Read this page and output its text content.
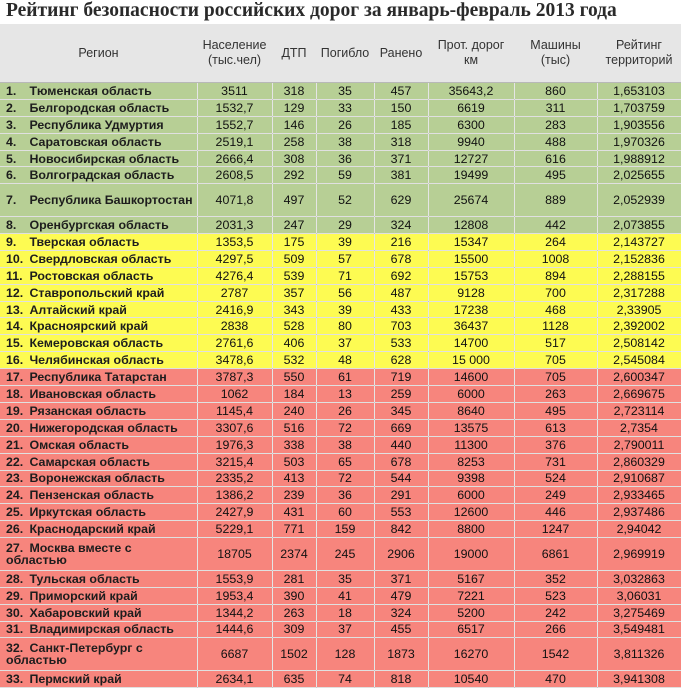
Рейтинг безопасности российских дорог за январь-февраль 2013 года
Регион	Население (тыс.чел)	ДТП	Погибло	Ранено	Прот. дорог км	Машины (тыс)	Рейтинг территорий
1. Тюменская область	3511	318	35	457	35643,2	860	1,653103
2. Белгородская область	1532,7	129	33	150	6619	311	1,703759
3. Республика Удмуртия	1552,7	146	26	185	6300	283	1,903556
4. Саратовская область	2519,1	258	38	318	9940	488	1,970326
5. Новосибирская область	2666,4	308	36	371	12727	616	1,988912
6. Волгоградская область	2608,5	292	59	381	19499	495	2,025655
7. Республика Башкортостан	4071,8	497	52	629	25674	889	2,052939
8. Оренбургская область	2031,3	247	29	324	12808	442	2,073855
9. Тверская область	1353,5	175	39	216	15347	264	2,143727
10. Свердловская область	4297,5	509	57	678	15500	1008	2,152836
11. Ростовская область	4276,4	539	71	692	15753	894	2,288155
12. Ставропольский край	2787	357	56	487	9128	700	2,317288
13. Алтайский край	2416,9	343	39	433	17238	468	2,33905
14. Красноярский край	2838	528	80	703	36437	1128	2,392002
15. Кемеровская область	2761,6	406	37	533	14700	517	2,508142
16. Челябинская область	3478,6	532	48	628	15 000	705	2,545084
17. Республика Татарстан	3787,3	550	61	719	14600	705	2,600347
18. Ивановская область	1062	184	13	259	6000	263	2,669675
19. Рязанская область	1145,4	240	26	345	8640	495	2,723114
20. Нижегородская область	3307,6	516	72	669	13575	613	2,7354
21. Омская область	1976,3	338	38	440	11300	376	2,790011
22. Самарская область	3215,4	503	65	678	8253	731	2,860329
23. Воронежская область	2335,2	413	72	544	9398	524	2,910687
24. Пензенская область	1386,2	239	36	291	6000	249	2,933465
25. Иркутская область	2427,9	431	60	553	12600	446	2,937486
26. Краснодарский край	5229,1	771	159	842	8800	1247	2,94042
27. Москва вместе с областью	18705	2374	245	2906	19000	6861	2,969919
28. Тульская область	1553,9	281	35	371	5167	352	3,032863
29. Приморский край	1953,4	390	41	479	7221	523	3,06031
30. Хабаровский край	1344,2	263	18	324	5200	242	3,275469
31. Владимирская область	1444,6	309	37	455	6517	266	3,549481
32. Санкт-Петербург с областью	6687	1502	128	1873	16270	1542	3,811326
33. Пермский край	2634,1	635	74	818	10540	470	3,941308
